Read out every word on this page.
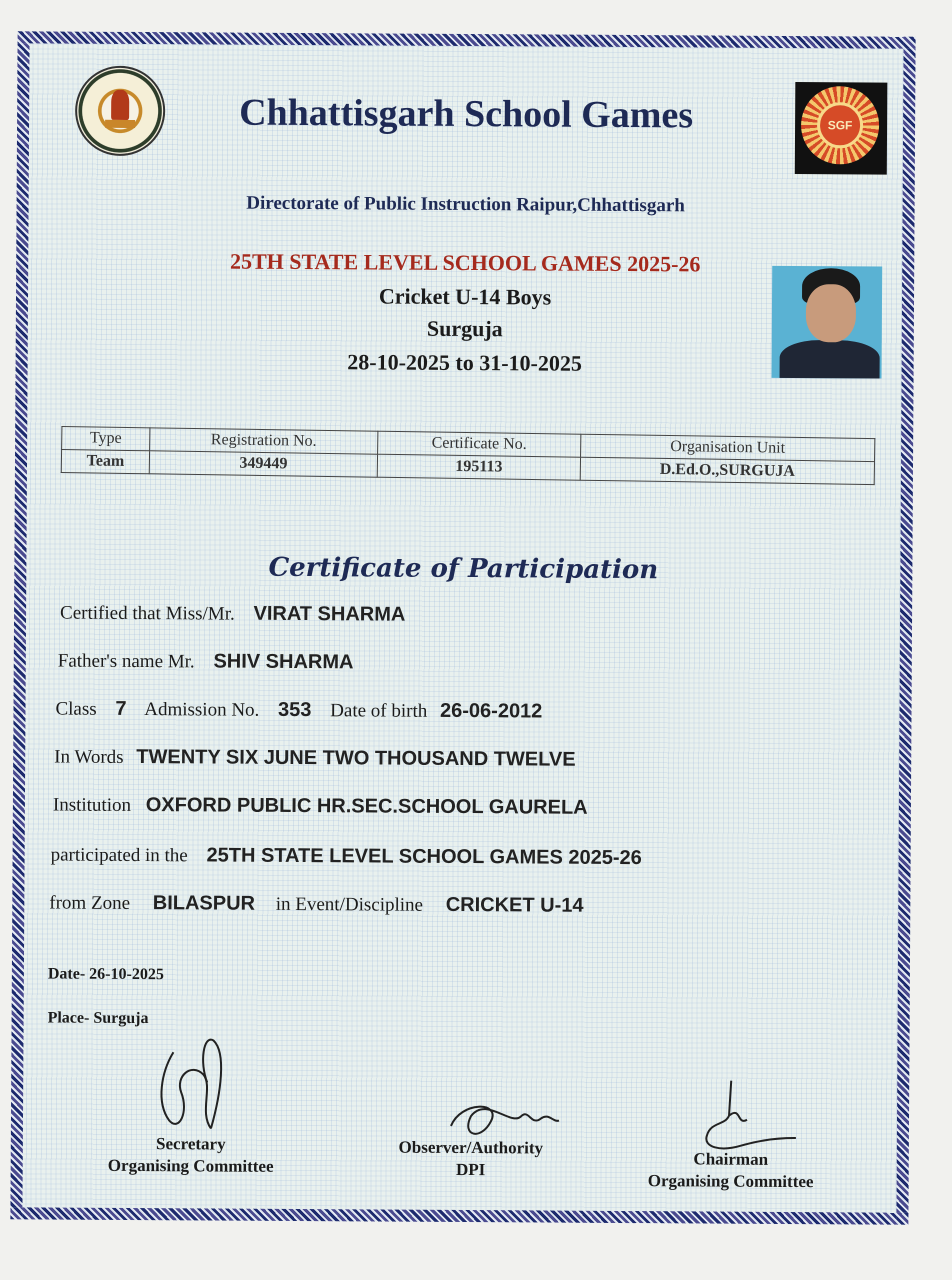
Chhattisgarh School Games	SGF
Directorate of Public Instruction Raipur,Chhattisgarh
25TH STATE LEVEL SCHOOL GAMES 2025-26
Cricket U-14 Boys
Surguja
28-10-2025 to 31-10-2025
Type	Registration No.	Certificate No.	Organisation Unit
Team	349449	195113	D.Ed.O.,SURGUJA
Certificate of Participation
Certified that Miss/Mr. VIRAT SHARMA
Father's name Mr. SHIV SHARMA
Class 7 Admission No. 353 Date of birth 26-06-2012
In Words TWENTY SIX JUNE TWO THOUSAND TWELVE
Institution OXFORD PUBLIC HR.SEC.SCHOOL GAURELA
participated in the 25TH STATE LEVEL SCHOOL GAMES 2025-26
from Zone BILASPUR in Event/Discipline CRICKET U-14
Date- 26-10-2025
Place- Surguja
Secretary
Organising Committee
Observer/Authority
DPI
Chairman
Organising Committee
